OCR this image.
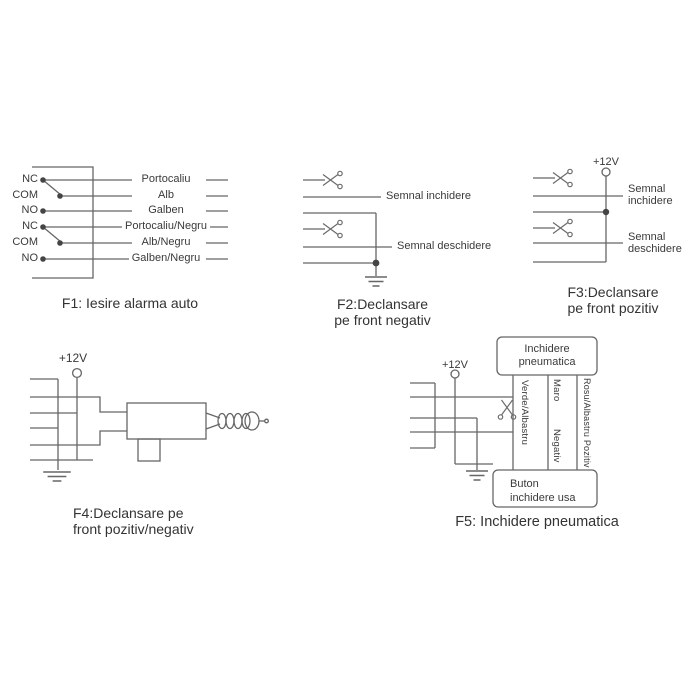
NC
COM
NO
NC
COM
NO
Portocaliu
Alb
Galben
Portocaliu/Negru
Alb/Negru
Galben/Negru
F1: Iesire alarma auto
Semnal inchidere
Semnal deschidere
F2:Declansare
pe front negativ
+12V
Semnal
inchidere
Semnal
deschidere
F3:Declansare
pe front pozitiv
+12V
F4:Declansare pe
front pozitiv/negativ
+12V
Inchidere
pneumatica
Buton
inchidere usa
Verde/Albastru Maro
Negativ Rosu/Albastru Pozitiv
F5: Inchidere pneumatica
